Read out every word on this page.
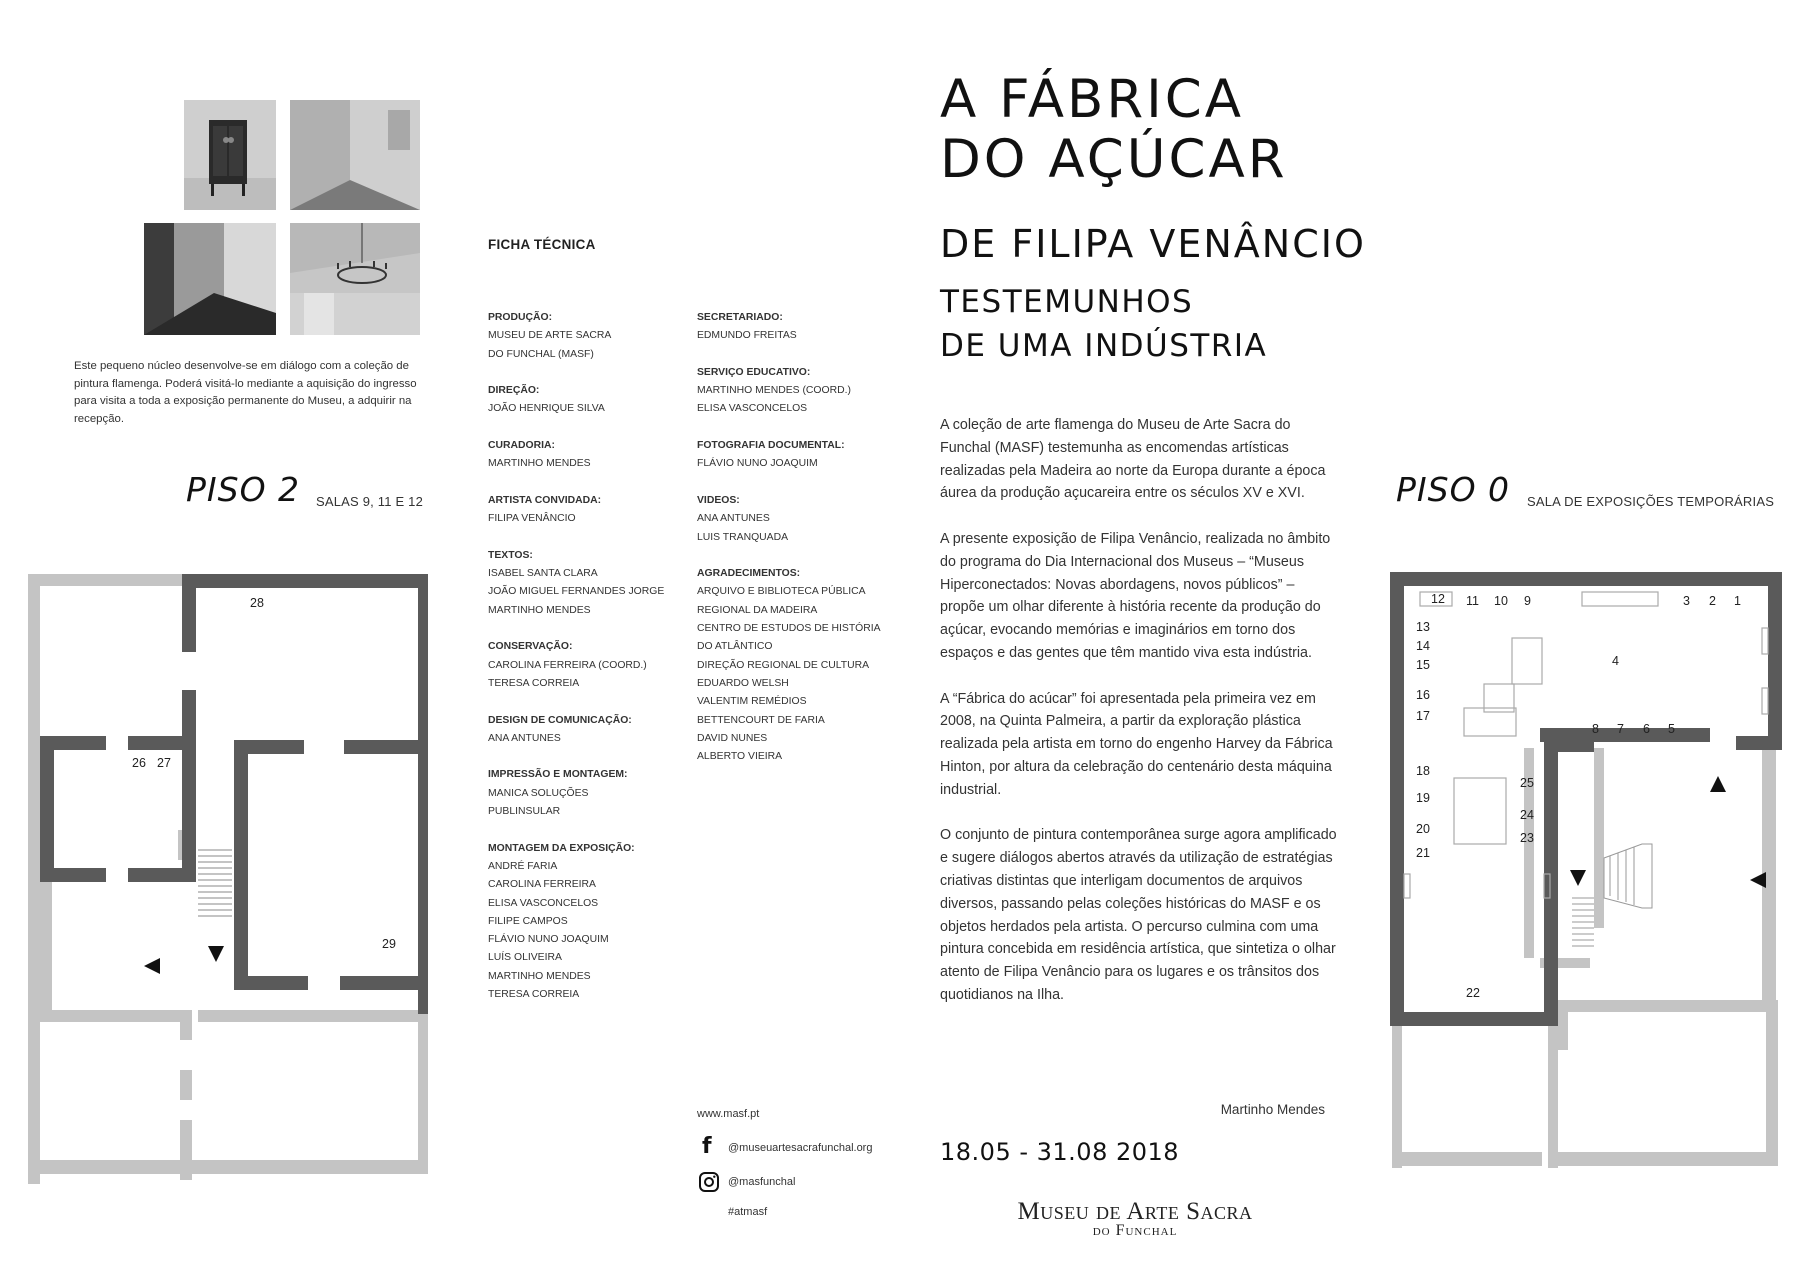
Este pequeno núcleo desenvolve-se em diálogo com a coleção de pintura flamenga. Poderá visitá-lo mediante a aquisição do ingresso para visita a toda a exposição permanente do Museu, a adquirir na recepção.
PISO 2 SALAS 9, 11 E 12
28
26 27
29
FICHA TÉCNICA
PRODUÇÃO:
MUSEU DE ARTE SACRA
DO FUNCHAL (MASF)
DIREÇÃO:
JOÃO HENRIQUE SILVA
CURADORIA:
MARTINHO MENDES
ARTISTA CONVIDADA:
FILIPA VENÂNCIO
TEXTOS:
ISABEL SANTA CLARA
JOÃO MIGUEL FERNANDES JORGE
MARTINHO MENDES
CONSERVAÇÃO:
CAROLINA FERREIRA (COORD.)
TERESA CORREIA
DESIGN DE COMUNICAÇÃO:
ANA ANTUNES
IMPRESSÃO E MONTAGEM:
MANICA SOLUÇÕES
PUBLINSULAR
MONTAGEM DA EXPOSIÇÃO:
ANDRÉ FARIA
CAROLINA FERREIRA
ELISA VASCONCELOS
FILIPE CAMPOS
FLÁVIO NUNO JOAQUIM
LUÍS OLIVEIRA
MARTINHO MENDES
TERESA CORREIA
SECRETARIADO:
EDMUNDO FREITAS
SERVIÇO EDUCATIVO:
MARTINHO MENDES (COORD.)
ELISA VASCONCELOS
FOTOGRAFIA DOCUMENTAL:
FLÁVIO NUNO JOAQUIM
VIDEOS:
ANA ANTUNES
LUIS TRANQUADA
AGRADECIMENTOS:
ARQUIVO E BIBLIOTECA PÚBLICA
REGIONAL DA MADEIRA
CENTRO DE ESTUDOS DE HISTÓRIA
DO ATLÂNTICO
DIREÇÃO REGIONAL DE CULTURA
EDUARDO WELSH
VALENTIM REMÉDIOS
BETTENCOURT DE FARIA
DAVID NUNES
ALBERTO VIEIRA
www.masf.pt
f @museuartesacrafunchal.org
@masfunchal
#atmasf
A FÁBRICA
DO AÇÚCAR
DE FILIPA VENÂNCIO
TESTEMUNHOS
DE UMA INDÚSTRIA

A coleção de arte flamenga do Museu de Arte Sacra do Funchal (MASF) testemunha as encomendas artísticas realizadas pela Madeira ao norte da Europa durante a época áurea da produção açucareira entre os séculos XV e XVI.

A presente exposição de Filipa Venâncio, realizada no âmbito do programa do Dia Internacional dos Museus – “Museus Hiperconectados: Novas abordagens, novos públicos” – propõe um olhar diferente à história recente da produção do açúcar, evocando memórias e imaginários em torno dos espaços e das gentes que têm mantido viva esta indústria.

A “Fábrica do acúcar” foi apresentada pela primeira vez em 2008, na Quinta Palmeira, a partir da exploração plástica realizada pela artista em torno do engenho Harvey da Fábrica Hinton, por altura da celebração do centenário desta máquina industrial.

O conjunto de pintura contemporânea surge agora amplificado e sugere diálogos abertos através da utilização de estratégias criativas distintas que interligam documentos de arquivos diversos, passando pelas coleções históricas do MASF e os objetos herdados pela artista. O percurso culmina com uma pintura concebida em residência artística, que sintetiza o olhar atento de Filipa Venâncio para os lugares e os trânsitos dos quotidianos na Ilha.

Martinho Mendes
18.05 - 31.08 2018
Museu de Arte Sacra
do Funchal
PISO 0 SALA DE EXPOSIÇÕES TEMPORÁRIAS
12 11 10 9	3 2 1
13
14
15	4
16
17
8 7 6 5
18
25
19
24
20
23
21
22
